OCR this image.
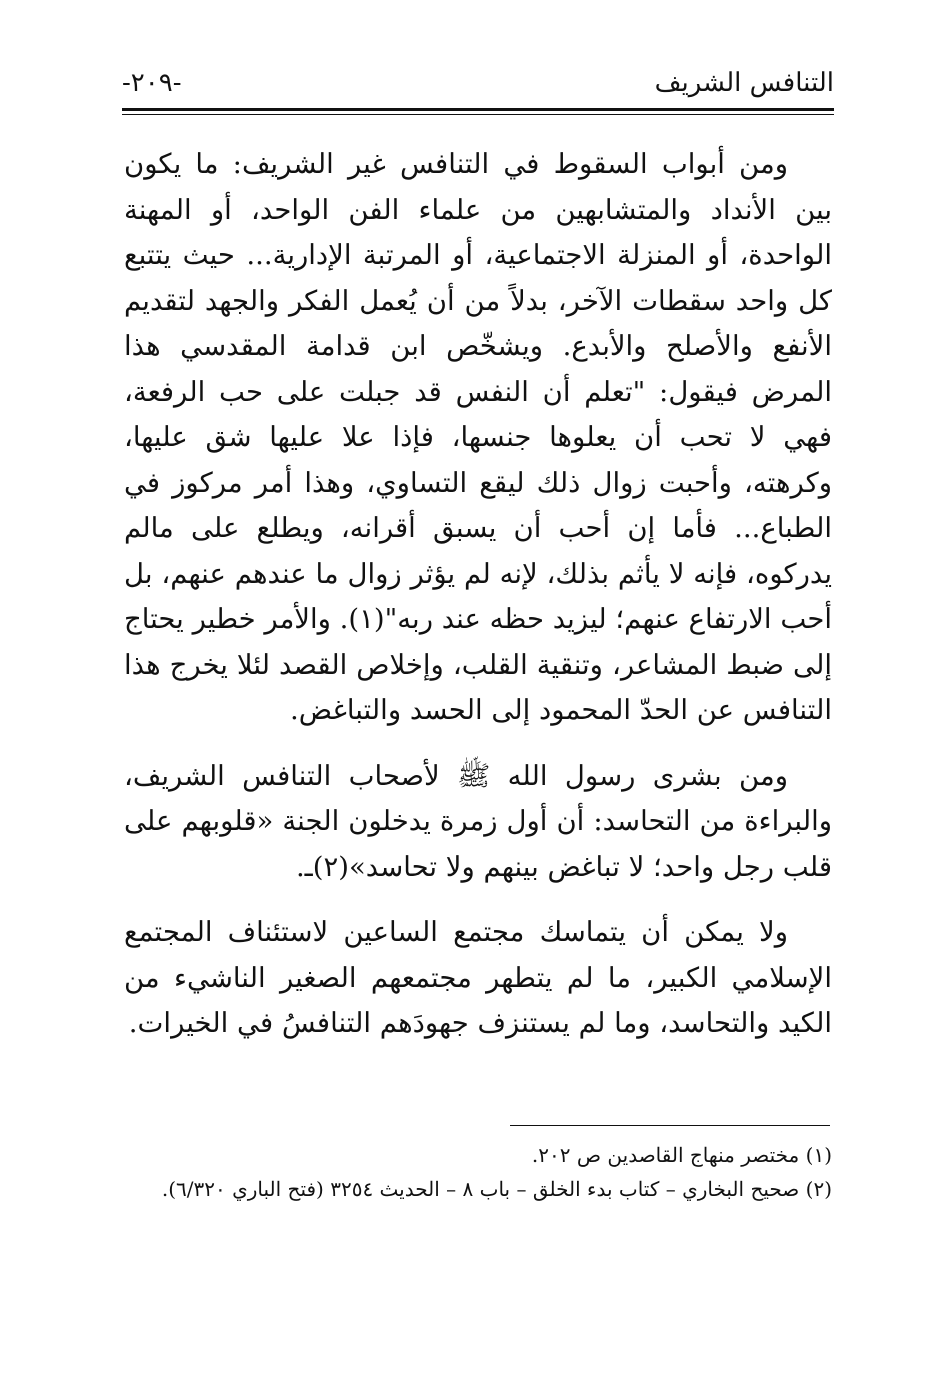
التنافس الشريف
-٢٠٩-

ومن أبواب السقوط في التنافس غير الشريف: ما يكون بين الأنداد والمتشابهين من علماء الفن الواحد، أو المهنة الواحدة، أو المنزلة الاجتماعية، أو المرتبة الإدارية... حيث يتتبع كل واحد سقطات الآخر، بدلاً من أن يُعمل الفكر والجهد لتقديم الأنفع والأصلح والأبدع. ويشخّص ابن قدامة المقدسي هذا المرض فيقول: "تعلم أن النفس قد جبلت على حب الرفعة، فهي لا تحب أن يعلوها جنسها، فإذا علا عليها شق عليها، وكرهته، وأحبت زوال ذلك ليقع التساوي، وهذا أمر مركوز في الطباع... فأما إن أحب أن يسبق أقرانه، ويطلع على مالم يدركوه، فإنه لا يأثم بذلك، لإنه لم يؤثر زوال ما عندهم عنهم، بل أحب الارتفاع عنهم؛ ليزيد حظه عند ربه"(١). والأمر خطير يحتاج إلى ضبط المشاعر، وتنقية القلب، وإخلاص القصد لئلا يخرج هذا التنافس عن الحدّ المحمود إلى الحسد والتباغض.

ومن بشرى رسول الله ﷺ لأصحاب التنافس الشريف، والبراءة من التحاسد: أن أول زمرة يدخلون الجنة «قلوبهم على قلب رجل واحد؛ لا تباغض بينهم ولا تحاسد»(٢)ـ.

ولا يمكن أن يتماسك مجتمع الساعين لاستئناف المجتمع الإسلامي الكبير، ما لم يتطهر مجتمعهم الصغير الناشيء من الكيد والتحاسد، وما لم يستنزف جهودَهم التنافسُ في الخيرات.

(١) مختصر منهاج القاصدين ص ٢٠٢.

(٢) صحيح البخاري – كتاب بدء الخلق – باب ٨ – الحديث ٣٢٥٤ (فتح الباري ٦/٣٢٠).
